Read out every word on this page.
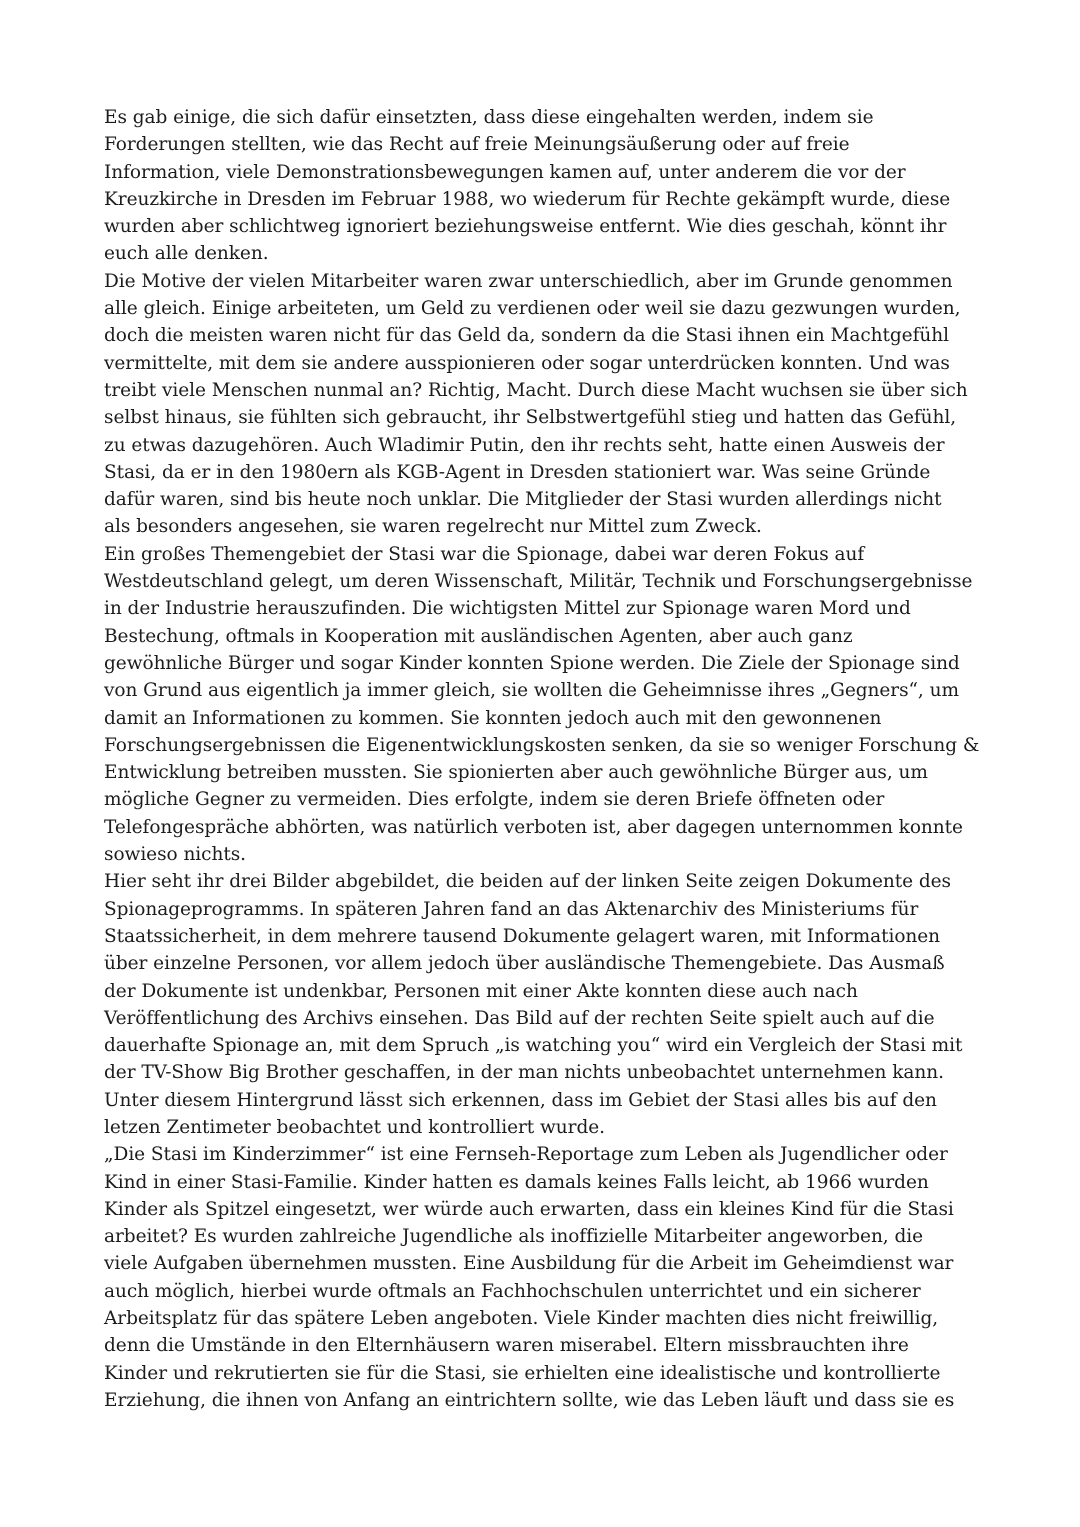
Es gab einige, die sich dafür einsetzten, dass diese eingehalten werden, indem sie
Forderungen stellten, wie das Recht auf freie Meinungsäußerung oder auf freie
Information, viele Demonstrationsbewegungen kamen auf, unter anderem die vor der
Kreuzkirche in Dresden im Februar 1988, wo wiederum für Rechte gekämpft wurde, diese
wurden aber schlichtweg ignoriert beziehungsweise entfernt. Wie dies geschah, könnt ihr
euch alle denken.
Die Motive der vielen Mitarbeiter waren zwar unterschiedlich, aber im Grunde genommen
alle gleich. Einige arbeiteten, um Geld zu verdienen oder weil sie dazu gezwungen wurden,
doch die meisten waren nicht für das Geld da, sondern da die Stasi ihnen ein Machtgefühl
vermittelte, mit dem sie andere ausspionieren oder sogar unterdrücken konnten. Und was
treibt viele Menschen nunmal an? Richtig, Macht. Durch diese Macht wuchsen sie über sich
selbst hinaus, sie fühlten sich gebraucht, ihr Selbstwertgefühl stieg und hatten das Gefühl,
zu etwas dazugehören. Auch Wladimir Putin, den ihr rechts seht, hatte einen Ausweis der
Stasi, da er in den 1980ern als KGB-Agent in Dresden stationiert war. Was seine Gründe
dafür waren, sind bis heute noch unklar. Die Mitglieder der Stasi wurden allerdings nicht
als besonders angesehen, sie waren regelrecht nur Mittel zum Zweck.
Ein großes Themengebiet der Stasi war die Spionage, dabei war deren Fokus auf
Westdeutschland gelegt, um deren Wissenschaft, Militär, Technik und Forschungsergebnisse
in der Industrie herauszufinden. Die wichtigsten Mittel zur Spionage waren Mord und
Bestechung, oftmals in Kooperation mit ausländischen Agenten, aber auch ganz
gewöhnliche Bürger und sogar Kinder konnten Spione werden. Die Ziele der Spionage sind
von Grund aus eigentlich ja immer gleich, sie wollten die Geheimnisse ihres „Gegners“, um
damit an Informationen zu kommen. Sie konnten jedoch auch mit den gewonnenen
Forschungsergebnissen die Eigenentwicklungskosten senken, da sie so weniger Forschung &
Entwicklung betreiben mussten. Sie spionierten aber auch gewöhnliche Bürger aus, um
mögliche Gegner zu vermeiden. Dies erfolgte, indem sie deren Briefe öffneten oder
Telefongespräche abhörten, was natürlich verboten ist, aber dagegen unternommen konnte
sowieso nichts.
Hier seht ihr drei Bilder abgebildet, die beiden auf der linken Seite zeigen Dokumente des
Spionageprogramms. In späteren Jahren fand an das Aktenarchiv des Ministeriums für
Staatssicherheit, in dem mehrere tausend Dokumente gelagert waren, mit Informationen
über einzelne Personen, vor allem jedoch über ausländische Themengebiete. Das Ausmaß
der Dokumente ist undenkbar, Personen mit einer Akte konnten diese auch nach
Veröffentlichung des Archivs einsehen. Das Bild auf der rechten Seite spielt auch auf die
dauerhafte Spionage an, mit dem Spruch „is watching you“ wird ein Vergleich der Stasi mit
der TV-Show Big Brother geschaffen, in der man nichts unbeobachtet unternehmen kann.
Unter diesem Hintergrund lässt sich erkennen, dass im Gebiet der Stasi alles bis auf den
letzen Zentimeter beobachtet und kontrolliert wurde.
„Die Stasi im Kinderzimmer“ ist eine Fernseh-Reportage zum Leben als Jugendlicher oder
Kind in einer Stasi-Familie. Kinder hatten es damals keines Falls leicht, ab 1966 wurden
Kinder als Spitzel eingesetzt, wer würde auch erwarten, dass ein kleines Kind für die Stasi
arbeitet? Es wurden zahlreiche Jugendliche als inoffizielle Mitarbeiter angeworben, die
viele Aufgaben übernehmen mussten. Eine Ausbildung für die Arbeit im Geheimdienst war
auch möglich, hierbei wurde oftmals an Fachhochschulen unterrichtet und ein sicherer
Arbeitsplatz für das spätere Leben angeboten. Viele Kinder machten dies nicht freiwillig,
denn die Umstände in den Elternhäusern waren miserabel. Eltern missbrauchten ihre
Kinder und rekrutierten sie für die Stasi, sie erhielten eine idealistische und kontrollierte
Erziehung, die ihnen von Anfang an eintrichtern sollte, wie das Leben läuft und dass sie es
